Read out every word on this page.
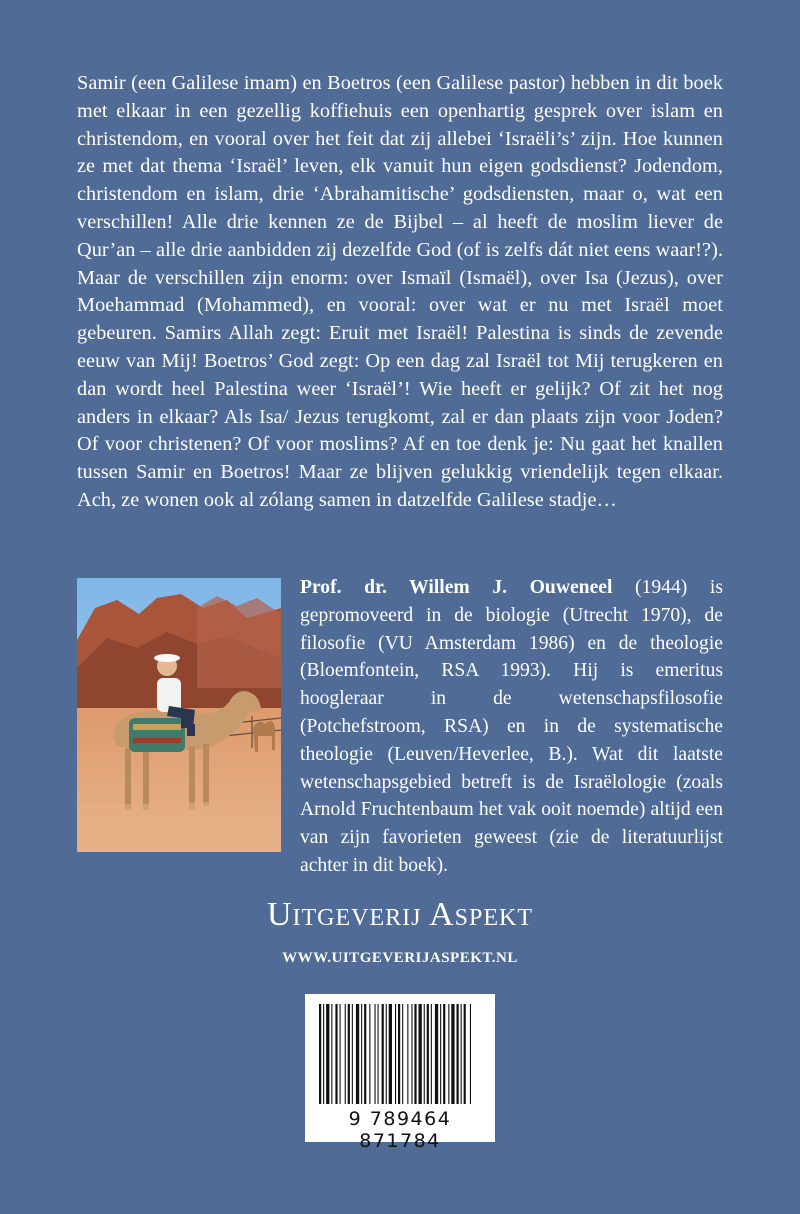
Samir (een Galilese imam) en Boetros (een Galilese pastor) hebben in dit boek met elkaar in een gezellig koffiehuis een openhartig gesprek over islam en christendom, en vooral over het feit dat zij allebei ‘Israëli’s’ zijn. Hoe kunnen ze met dat thema ‘Israël’ leven, elk vanuit hun eigen godsdienst? Jodendom, christendom en islam, drie ‘Abrahamitische’ godsdiensten, maar o, wat een verschillen! Alle drie kennen ze de Bijbel – al heeft de moslim liever de Qur’an – alle drie aanbidden zij dezelfde God (of is zelfs dát niet eens waar!?). Maar de verschillen zijn enorm: over Ismaïl (Ismaël), over Isa (Jezus), over Moehammad (Mohammed), en vooral: over wat er nu met Israël moet gebeuren. Samirs Allah zegt: Eruit met Israël! Palestina is sinds de zevende eeuw van Mij! Boetros’ God zegt: Op een dag zal Israël tot Mij terugkeren en dan wordt heel Palestina weer ‘Israël’! Wie heeft er gelijk? Of zit het nog anders in elkaar? Als Isa/ Jezus terugkomt, zal er dan plaats zijn voor Joden? Of voor christenen? Of voor moslims? Af en toe denk je: Nu gaat het knallen tussen Samir en Boetros! Maar ze blijven gelukkig vriendelijk tegen elkaar. Ach, ze wonen ook al zólang samen in datzelfde Galilese stadje…

Prof. dr. Willem J. Ouweneel (1944) is gepromoveerd in de biologie (Utrecht 1970), de filosofie (VU Amsterdam 1986) en de theologie (Bloemfontein, RSA 1993). Hij is emeritus hoogleraar in de wetenschapsfilosofie (Potchefstroom, RSA) en in de systematische theologie (Leuven/Heverlee, B.). Wat dit laatste wetenschapsgebied betreft is de Israëlologie (zoals Arnold Fruchtenbaum het vak ooit noemde) altijd een van zijn favorieten geweest (zie de literatuurlijst achter in dit boek).

Uitgeverij Aspekt
WWW.UITGEVERIJASPEKT.NL
9 789464 871784
